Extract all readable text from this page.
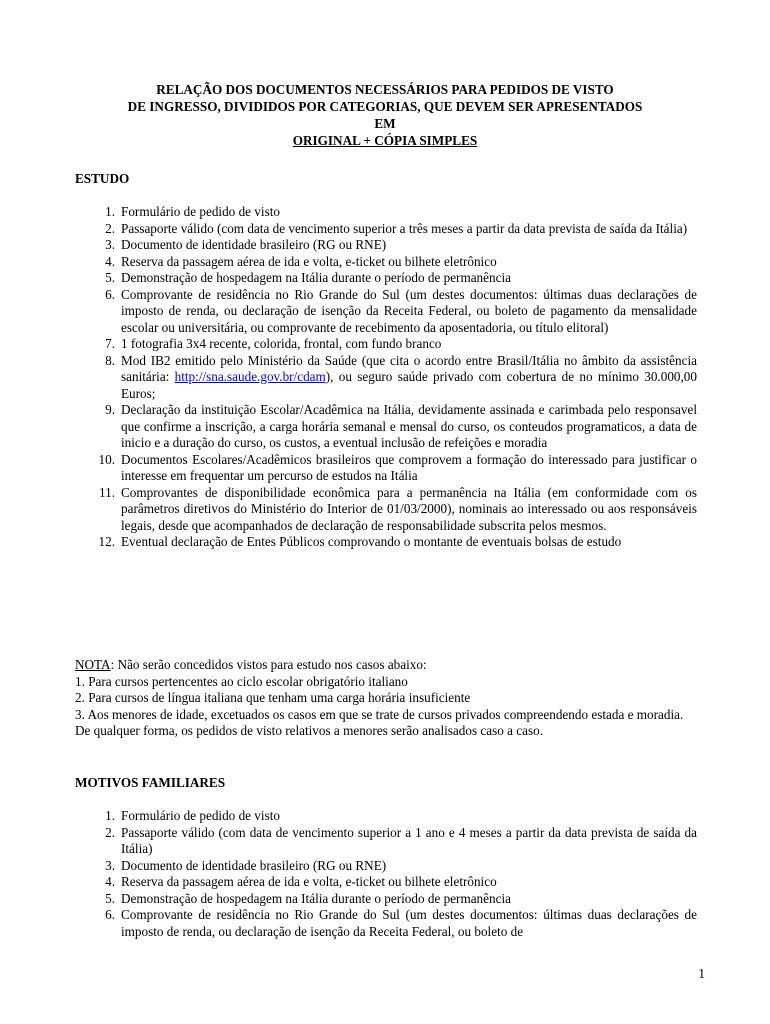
RELAÇÃO DOS DOCUMENTOS NECESSÁRIOS PARA PEDIDOS DE VISTO
DE INGRESSO, DIVIDIDOS POR CATEGORIAS, QUE DEVEM SER APRESENTADOS
EM
ORIGINAL + CÓPIA SIMPLES
ESTUDO
1. Formulário de pedido de visto
2. Passaporte válido (com data de vencimento superior a três meses a partir da data prevista de saída da Itália)
3. Documento de identidade brasileiro (RG ou RNE)
4. Reserva da passagem aérea de ida e volta, e-ticket ou bilhete eletrônico
5. Demonstração de hospedagem na Itália durante o período de permanência
6. Comprovante de residência no Rio Grande do Sul (um destes documentos: últimas duas declarações de imposto de renda, ou declaração de isenção da Receita Federal, ou boleto de pagamento da mensalidade escolar ou universitária, ou comprovante de recebimento da aposentadoria, ou título elitoral)
7. 1 fotografia 3x4 recente, colorida, frontal, com fundo branco
8. Mod IB2 emitido pelo Ministério da Saúde (que cita o acordo entre Brasil/Itália no âmbito da assistência sanitária: http://sna.saude.gov.br/cdam), ou seguro saúde privado com cobertura de no mínimo 30.000,00 Euros;
9. Declaração da instituição Escolar/Acadêmica na Itália, devidamente assinada e carimbada pelo responsavel que confirme a inscrição, a carga horária semanal e mensal do curso, os conteudos programaticos, a data de inicio e a duração do curso, os custos, a eventual inclusão de refeições e moradia
10. Documentos Escolares/Acadêmicos brasileiros que comprovem a formação do interessado para justificar o interesse em frequentar um percurso de estudos na Itália
11. Comprovantes de disponibilidade econômica para a permanência na Itália (em conformidade com os parâmetros diretivos do Ministério do Interior de 01/03/2000), nominais ao interessado ou aos responsáveis legais, desde que acompanhados de declaração de responsabilidade subscrita pelos mesmos.
12. Eventual declaração de Entes Públicos comprovando o montante de eventuais bolsas de estudo

NOTA: Não serão concedidos vistos para estudo nos casos abaixo:

1. Para cursos pertencentes ao ciclo escolar obrigatório italiano

2. Para cursos de língua italiana que tenham uma carga horária insuficiente

3. Aos menores de idade, excetuados os casos em que se trate de cursos privados compreendendo estada e moradia. De qualquer forma, os pedidos de visto relativos a menores serão analisados caso a caso.

MOTIVOS FAMILIARES
1. Formulário de pedido de visto
2. Passaporte válido (com data de vencimento superior a 1 ano e 4 meses a partir da data prevista de saída da Itália)
3. Documento de identidade brasileiro (RG ou RNE)
4. Reserva da passagem aérea de ida e volta, e-ticket ou bilhete eletrônico
5. Demonstração de hospedagem na Itália durante o período de permanência
6. Comprovante de residência no Rio Grande do Sul (um destes documentos: últimas duas declarações de imposto de renda, ou declaração de isenção da Receita Federal, ou boleto de
1
